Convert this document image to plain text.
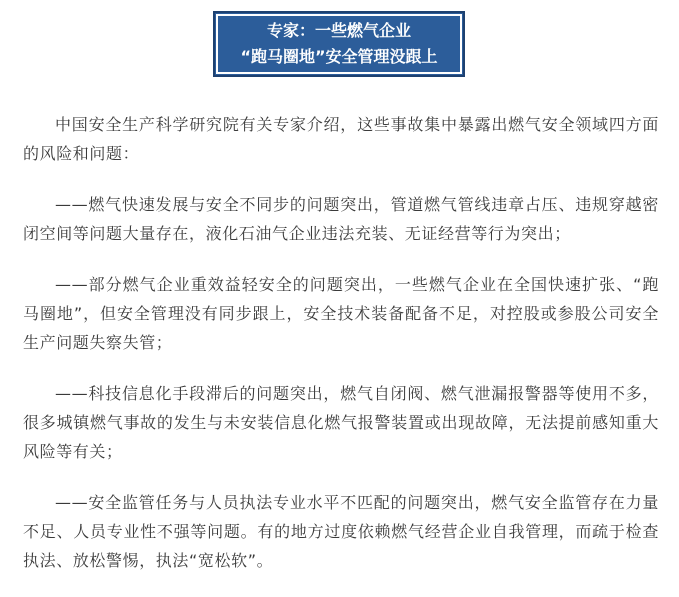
专家：一些燃气企业
“跑马圈地”安全管理没跟上

中国安全生产科学研究院有关专家介绍，这些事故集中暴露出燃气安全领域四方面的风险和问题：

——燃气快速发展与安全不同步的问题突出，管道燃气管线违章占压、违规穿越密闭空间等问题大量存在，液化石油气企业违法充装、无证经营等行为突出；

——部分燃气企业重效益轻安全的问题突出，一些燃气企业在全国快速扩张、“跑马圈地”，但安全管理没有同步跟上，安全技术装备配备不足，对控股或参股公司安全生产问题失察失管；

——科技信息化手段滞后的问题突出，燃气自闭阀、燃气泄漏报警器等使用不多，很多城镇燃气事故的发生与未安装信息化燃气报警装置或出现故障，无法提前感知重大风险等有关；

——安全监管任务与人员执法专业水平不匹配的问题突出，燃气安全监管存在力量不足、人员专业性不强等问题。有的地方过度依赖燃气经营企业自我管理，而疏于检查执法、放松警惕，执法“宽松软”。
